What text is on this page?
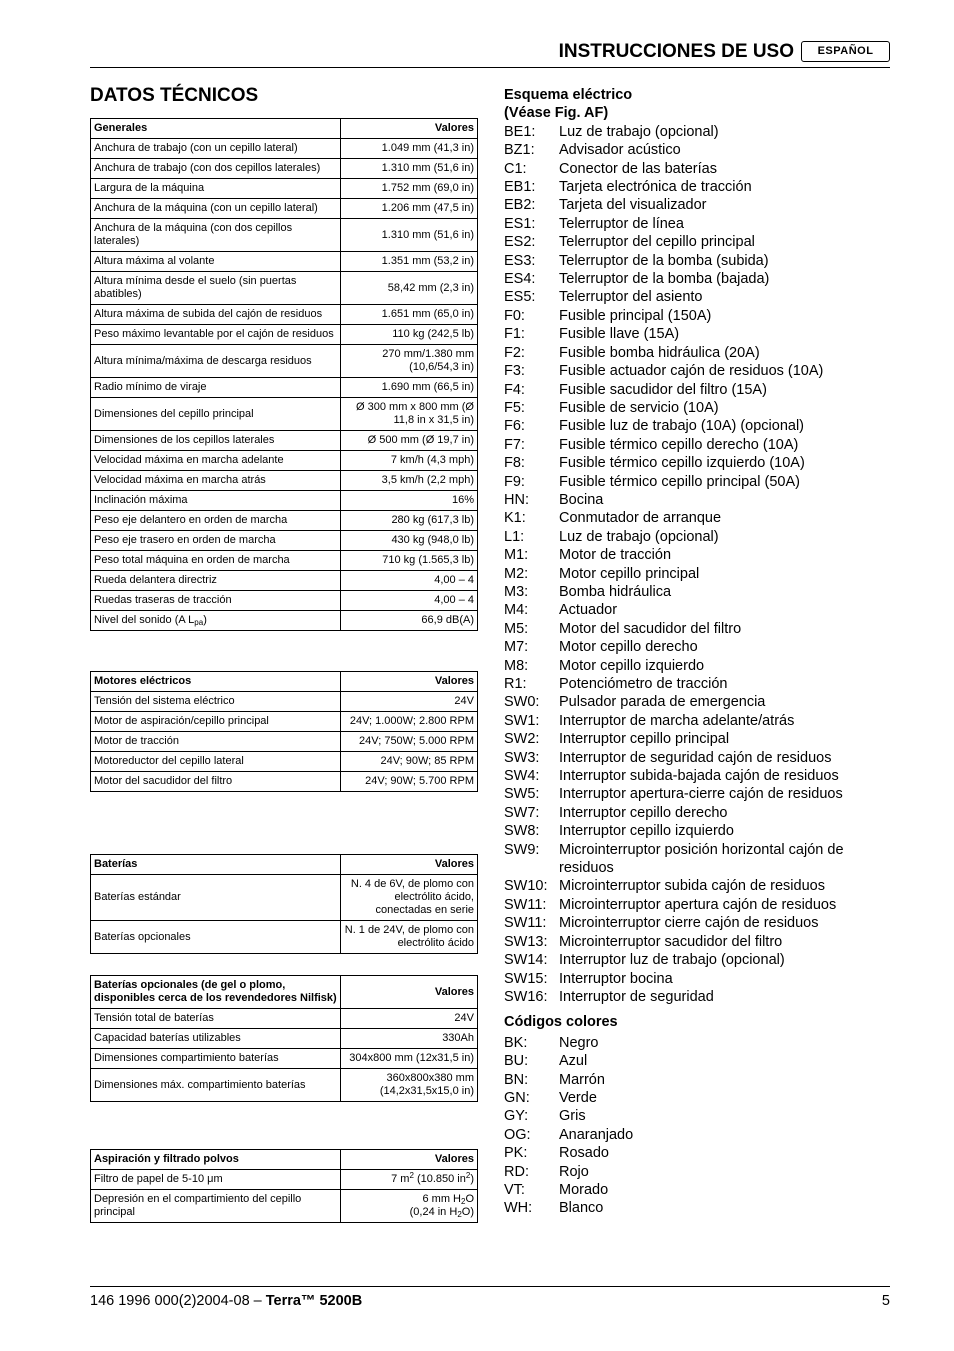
INSTRUCCIONES DE USO	ESPAÑOL
DATOS TÉCNICOS
Generales	Valores
Anchura de trabajo (con un cepillo lateral)	1.049 mm (41,3 in)
Anchura de trabajo (con dos cepillos laterales)	1.310 mm (51,6 in)
Largura de la máquina	1.752 mm (69,0 in)
Anchura de la máquina (con un cepillo lateral)	1.206 mm (47,5 in)
Anchura de la máquina (con dos cepillos laterales)	1.310 mm (51,6 in)
Altura máxima al volante	1.351 mm (53,2 in)
Altura mínima desde el suelo (sin puertas abatibles)	58,42 mm (2,3 in)
Altura máxima de subida del cajón de residuos	1.651 mm (65,0 in)
Peso máximo levantable por el cajón de residuos	110 kg (242,5 lb)
Altura mínima/máxima de descarga residuos	270 mm/1.380 mm (10,6/54,3 in)
Radio mínimo de viraje	1.690 mm (66,5 in)
Dimensiones del cepillo principal	Ø 300 mm x 800 mm (Ø 11,8 in x 31,5 in)
Dimensiones de los cepillos laterales	Ø 500 mm (Ø 19,7 in)
Velocidad máxima en marcha adelante	7 km/h (4,3 mph)
Velocidad máxima en marcha atrás	3,5 km/h (2,2 mph)
Inclinación máxima	16%
Peso eje delantero en orden de marcha	280 kg (617,3 lb)
Peso eje trasero en orden de marcha	430 kg (948,0 lb)
Peso total máquina en orden de marcha	710 kg (1.565,3 lb)
Rueda delantera directriz	4,00 – 4
Ruedas traseras de tracción	4,00 – 4
Nivel del sonido (A $L_{pa}$)	66,9 dB(A)
Motores eléctricos	Valores
Tensión del sistema eléctrico	24V
Motor de aspiración/cepillo principal	24V; 1.000W; 2.800 RPM
Motor de tracción	24V; 750W; 5.000 RPM
Motoreductor del cepillo lateral	24V; 90W; 85 RPM
Motor del sacudidor del filtro	24V; 90W; 5.700 RPM
Baterías	Valores
Baterías estándar	N. 4 de 6V, de plomo con electrólito ácido, conectadas en serie
Baterías opcionales	N. 1 de 24V, de plomo con electrólito ácido
Baterías opcionales (de gel o plomo, disponibles cerca de los revendedores Nilfisk)	Valores
Tensión total de baterías	24V
Capacidad baterías utilizables	330Ah
Dimensiones compartimiento baterías	304x800 mm (12x31,5 in)
Dimensiones máx. compartimiento baterías	360x800x380 mm (14,2x31,5x15,0 in)
Aspiración y filtrado polvos	Valores
Filtro de papel de 5-10 μm	7 $m^2$ (10.850 $in^2$)
Depresión en el compartimiento del cepillo principal	6 mm $H_2O$
(0,24 in $H_2O$)
Esquema eléctrico
(Véase Fig. AF)
BE1:	Luz de trabajo (opcional)
BZ1:	Advisador acústico
C1:	Conector de las baterías
EB1:	Tarjeta electrónica de tracción
EB2:	Tarjeta del visualizador
ES1:	Telerruptor de línea
ES2:	Telerruptor del cepillo principal
ES3:	Telerruptor de la bomba (subida)
ES4:	Telerruptor de la bomba (bajada)
ES5:	Telerruptor del asiento
F0:	Fusible principal (150A)
F1:	Fusible llave (15A)
F2:	Fusible bomba hidráulica (20A)
F3:	Fusible actuador cajón de residuos (10A)
F4:	Fusible sacudidor del filtro (15A)
F5:	Fusible de servicio (10A)
F6:	Fusible luz de trabajo (10A) (opcional)
F7:	Fusible térmico cepillo derecho (10A)
F8:	Fusible térmico cepillo izquierdo (10A)
F9:	Fusible térmico cepillo principal (50A)
HN:	Bocina
K1:	Conmutador de arranque
L1:	Luz de trabajo (opcional)
M1:	Motor de tracción
M2:	Motor cepillo principal
M3:	Bomba hidráulica
M4:	Actuador
M5:	Motor del sacudidor del filtro
M7:	Motor cepillo derecho
M8:	Motor cepillo izquierdo
R1:	Potenciómetro de tracción
SW0:	Pulsador parada de emergencia
SW1:	Interruptor de marcha adelante/atrás
SW2:	Interruptor cepillo principal
SW3:	Interruptor de seguridad cajón de residuos
SW4:	Interruptor subida-bajada cajón de residuos
SW5:	Interruptor apertura-cierre cajón de residuos
SW7:	Interruptor cepillo derecho
SW8:	Interruptor cepillo izquierdo
SW9:	Microinterruptor posición horizontal cajón de residuos
SW10: Microinterruptor subida cajón de residuos
SW11: Microinterruptor apertura cajón de residuos
SW11: Microinterruptor cierre cajón de residuos
SW13: Microinterruptor sacudidor del filtro
SW14: Interruptor luz de trabajo (opcional)
SW15: Interruptor bocina
SW16: Interruptor de seguridad
Códigos colores
BK:	Negro
BU:	Azul
BN:	Marrón
GN:	Verde
GY:	Gris
OG:	Anaranjado
PK:	Rosado
RD:	Rojo
VT:	Morado
WH:	Blanco
146 1996 000(2)2004-08 – Terra™ 5200B	5
